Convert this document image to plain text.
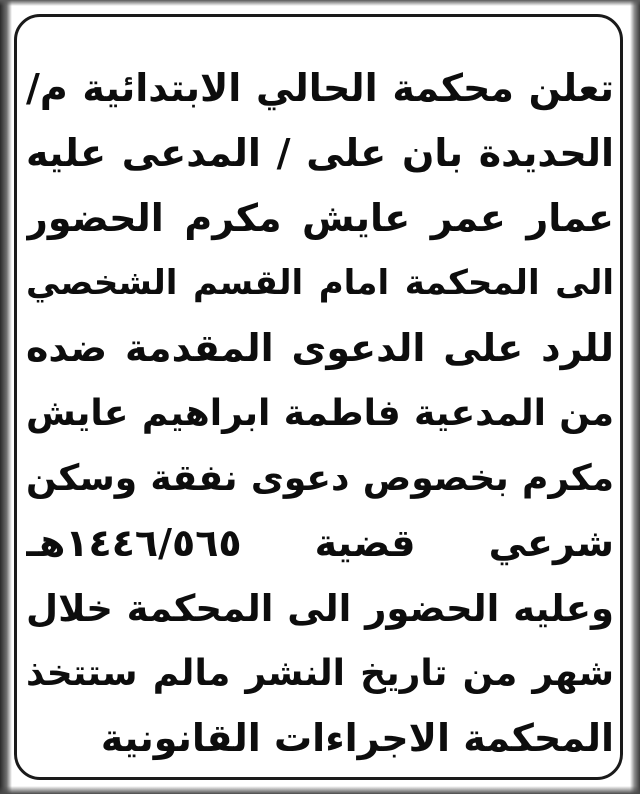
تعلن محكمة الحالي الابتدائية م/
الحديدة بان على / المدعى عليه
عمار عمر عايش مكرم الحضور
الى المحكمة امام القسم الشخصي
للرد على الدعوى المقدمة ضده
من المدعية فاطمة ابراهيم عايش
مكرم بخصوص دعوى نفقة وسكن
شرعي قضية ١٤٤٦/٥٦٥هـ
وعليه الحضور الى المحكمة خلال
شهر من تاريخ النشر مالم ستتخذ
المحكمة الاجراءات القانونية
